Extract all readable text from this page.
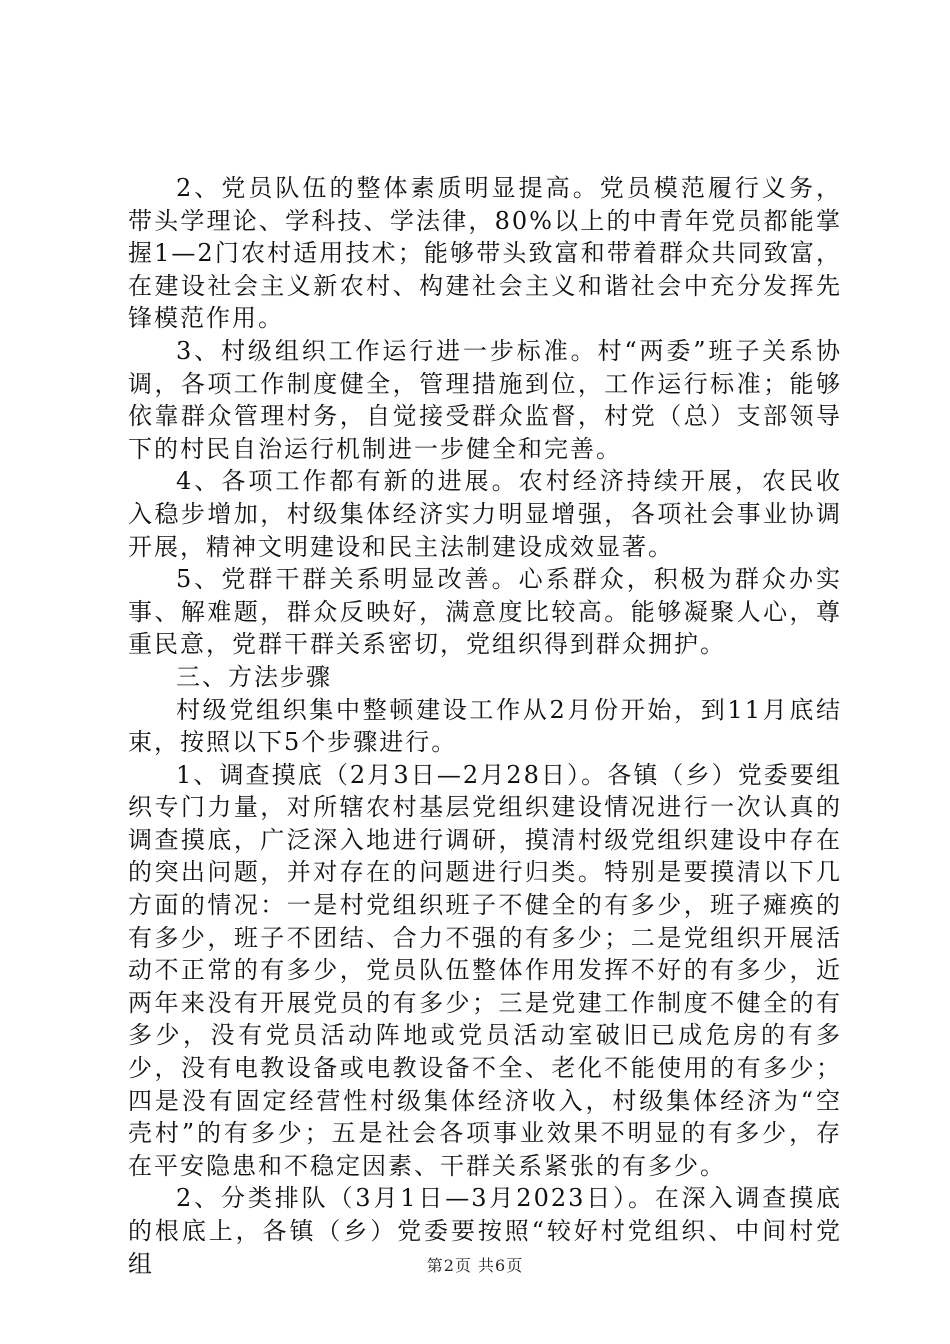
2、党员队伍的整体素质明显提高。党员模范履行义务，带头学理论、学科技、学法律，80%以上的中青年党员都能掌握1—2门农村适用技术；能够带头致富和带着群众共同致富，在建设社会主义新农村、构建社会主义和谐社会中充分发挥先锋模范作用。

3、村级组织工作运行进一步标准。村“两委”班子关系协调，各项工作制度健全，管理措施到位，工作运行标准；能够依靠群众管理村务，自觉接受群众监督，村党（总）支部领导下的村民自治运行机制进一步健全和完善。

4、各项工作都有新的进展。农村经济持续开展，农民收入稳步增加，村级集体经济实力明显增强，各项社会事业协调开展，精神文明建设和民主法制建设成效显著。

5、党群干群关系明显改善。心系群众，积极为群众办实事、解难题，群众反映好，满意度比较高。能够凝聚人心，尊重民意，党群干群关系密切，党组织得到群众拥护。

三、方法步骤

村级党组织集中整顿建设工作从2月份开始，到11月底结束，按照以下5个步骤进行。

1、调查摸底（2月3日—2月28日）。各镇（乡）党委要组织专门力量，对所辖农村基层党组织建设情况进行一次认真的调查摸底，广泛深入地进行调研，摸清村级党组织建设中存在的突出问题，并对存在的问题进行归类。特别是要摸清以下几方面的情况：一是村党组织班子不健全的有多少，班子瘫痪的有多少，班子不团结、合力不强的有多少；二是党组织开展活动不正常的有多少，党员队伍整体作用发挥不好的有多少，近两年来没有开展党员的有多少；三是党建工作制度不健全的有多少，没有党员活动阵地或党员活动室破旧已成危房的有多少，没有电教设备或电教设备不全、老化不能使用的有多少；四是没有固定经营性村级集体经济收入，村级集体经济为“空壳村”的有多少；五是社会各项事业效果不明显的有多少，存在平安隐患和不稳定因素、干群关系紧张的有多少。

2、分类排队（3月1日—3月2023日）。在深入调查摸底的根底上，各镇（乡）党委要按照“较好村党组织、中间村党组	第2页 共6页
